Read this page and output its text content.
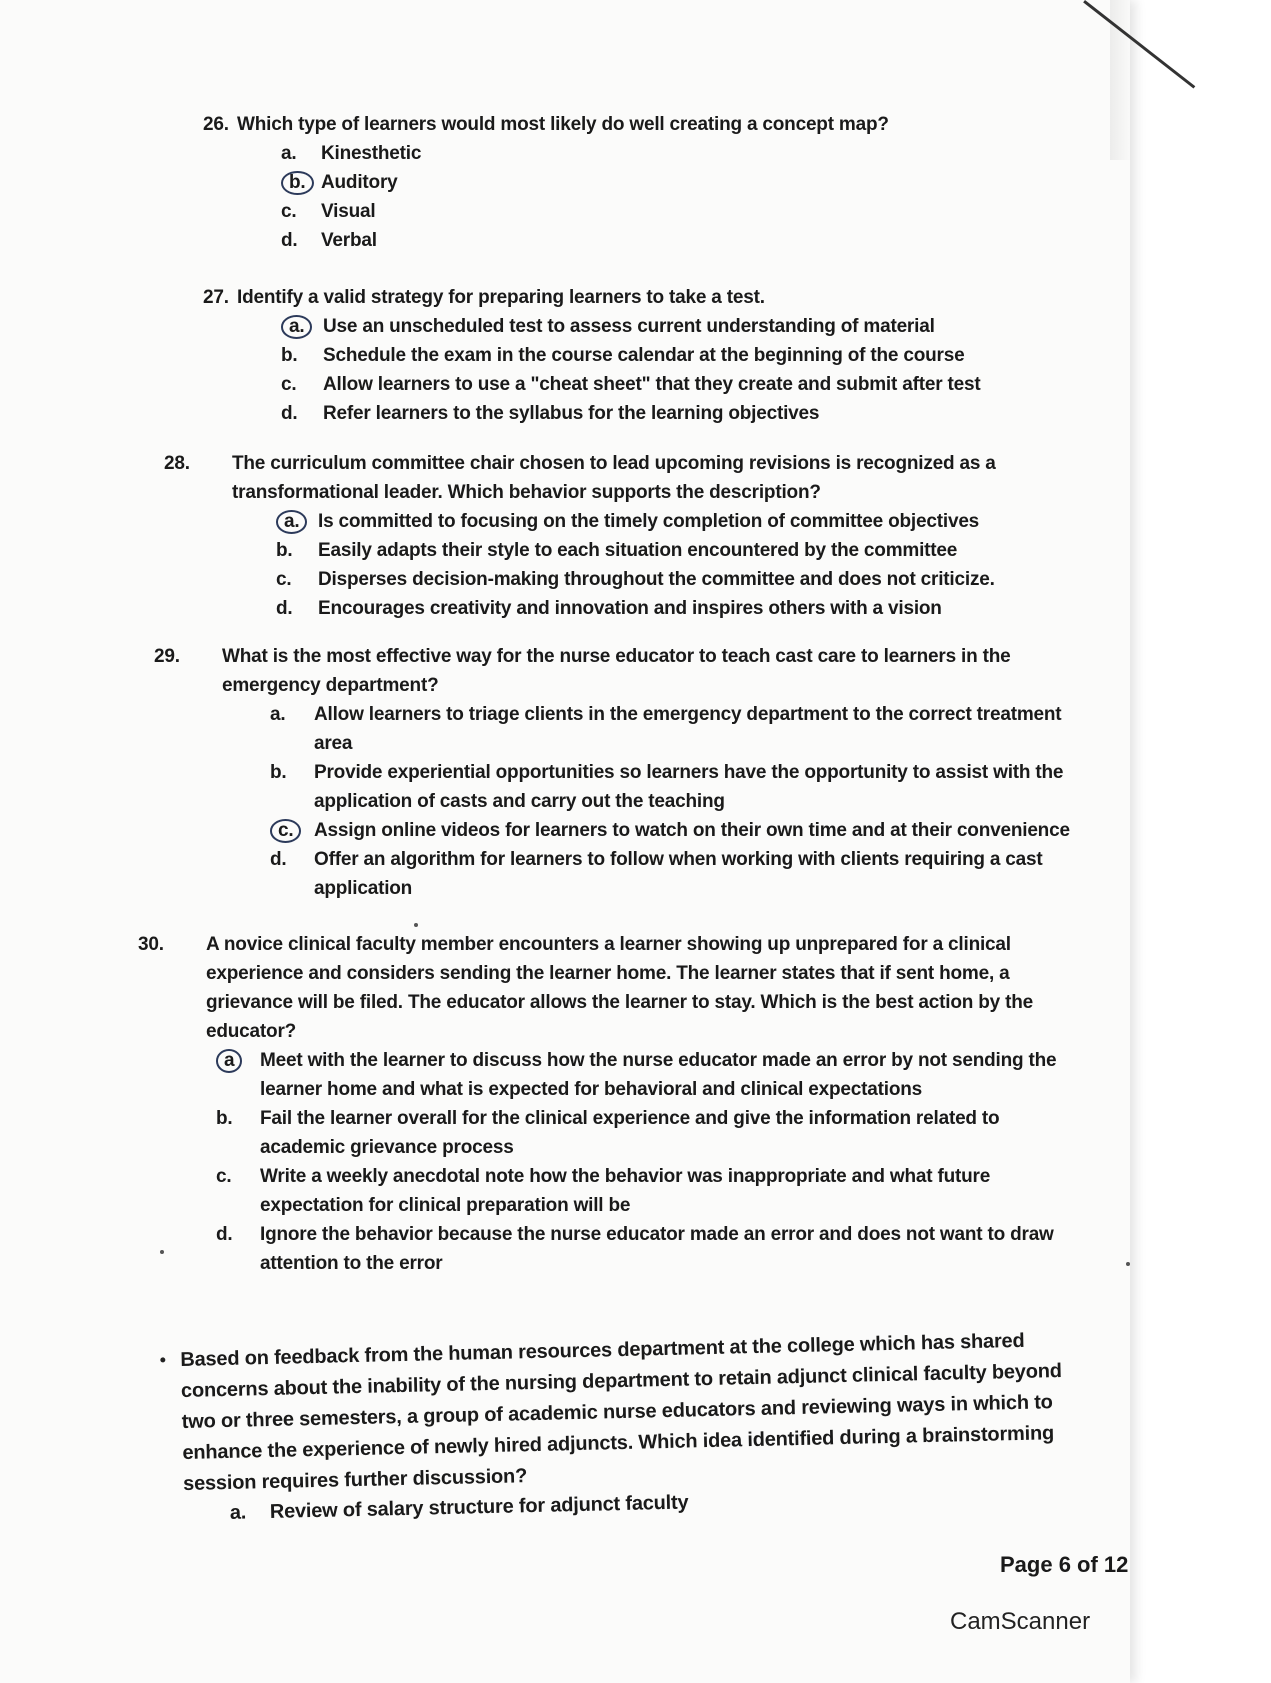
26. Which type of learners would most likely do well creating a concept map?

a. Kinesthetic
b. Auditory
c. Visual
d. Verbal

27. Identify a valid strategy for preparing learners to take a test.

a. Use an unscheduled test to assess current understanding of material
b. Schedule the exam in the course calendar at the beginning of the course
c. Allow learners to use a "cheat sheet" that they create and submit after test
d. Refer learners to the syllabus for the learning objectives

28. The curriculum committee chair chosen to lead upcoming revisions is recognized as a transformational leader. Which behavior supports the description?

a. Is committed to focusing on the timely completion of committee objectives
b. Easily adapts their style to each situation encountered by the committee
c. Disperses decision-making throughout the committee and does not criticize.
d. Encourages creativity and innovation and inspires others with a vision

29. What is the most effective way for the nurse educator to teach cast care to learners in the emergency department?

a. Allow learners to triage clients in the emergency department to the correct treatment area
b. Provide experiential opportunities so learners have the opportunity to assist with the application of casts and carry out the teaching
c.	Assign online videos for learners to watch on their own time and at their convenience
d. Offer an algorithm for learners to follow when working with clients requiring a cast application

30. A novice clinical faculty member encounters a learner showing up unprepared for a clinical experience and considers sending the learner home. The learner states that if sent home, a grievance will be filed. The educator allows the learner to stay. Which is the best action by the educator?

a	Meet with the learner to discuss how the nurse educator made an error by not sending the learner home and what is expected for behavioral and clinical expectations
b. Fail the learner overall for the clinical experience and give the information related to academic grievance process
c. Write a weekly anecdotal note how the behavior was inappropriate and what future expectation for clinical preparation will be
d. Ignore the behavior because the nurse educator made an error and does not want to draw attention to the error

Based on feedback from the human resources department at the college which has shared concerns about the inability of the nursing department to retain adjunct clinical faculty beyond two or three semesters, a group of academic nurse educators and reviewing ways in which to enhance the experience of newly hired adjuncts. Which idea identified during a brainstorming session requires further discussion?

a. Review of salary structure for adjunct faculty
Page 6 of 12
CamScanner
